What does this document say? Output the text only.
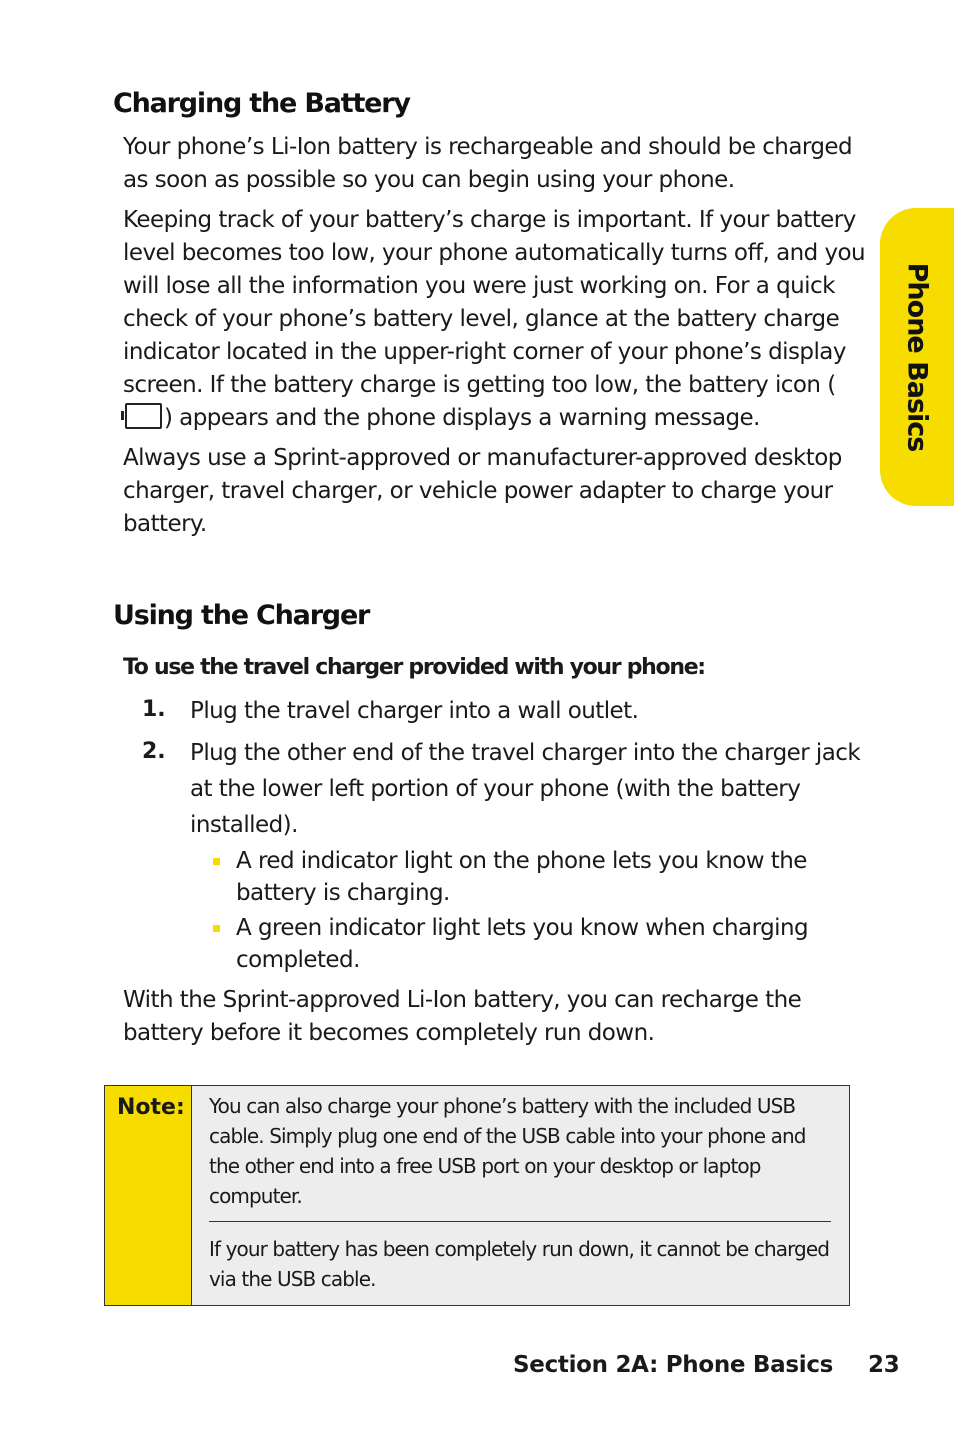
Phone Basics
Charging the Battery

Your phone’s Li-Ion battery is rechargeable and should be charged as soon as possible so you can begin using your phone.

Keeping track of your battery’s charge is important. If your battery level becomes too low, your phone automatically turns off, and you will lose all the information you were just working on. For a quick check of your phone’s battery level, glance at the battery charge indicator located in the upper-right corner of your phone’s display screen. If the battery charge is getting too low, the battery icon (
) appears and the phone displays a warning message.

Always use a Sprint-approved or manufacturer-approved desktop charger, travel charger, or vehicle power adapter to charge your battery.

Using the Charger
To use the travel charger provided with your phone:
1. Plug the travel charger into a wall outlet.
2. Plug the other end of the travel charger into the charger jack at the lower left portion of your phone (with the battery installed).
A red indicator light on the phone lets you know the battery is charging.
A green indicator light lets you know when charging completed.
With the Sprint-approved Li-Ion battery, you can recharge the battery before it becomes completely run down.
Note: You can also charge your phone’s battery with the included USB cable. Simply plug one end of the USB cable into your phone and the other end into a free USB port on your desktop or laptop computer.
If your battery has been completely run down, it cannot be charged via the USB cable.
Section 2A: Phone Basics 23
